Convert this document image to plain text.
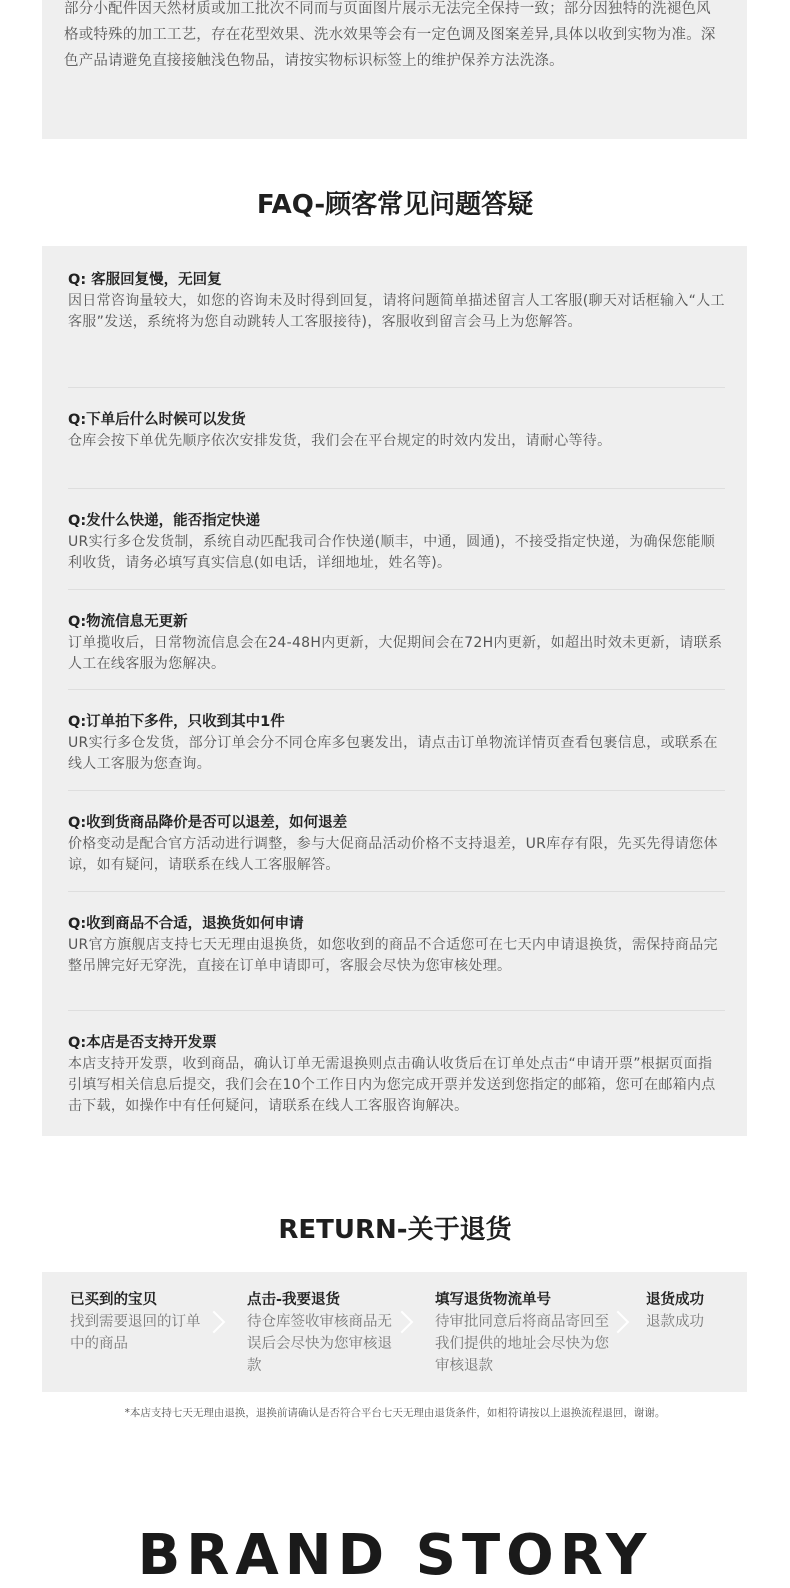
部分小配件因天然材质或加工批次不同而与页面图片展示无法完全保持一致；部分因独特的洗褪色风格或特殊的加工工艺，存在花型效果、洗水效果等会有一定色调及图案差异,具体以收到实物为准。深色产品请避免直接接触浅色物品，请按实物标识标签上的维护保养方法洗涤。

FAQ-顾客常见问题答疑

Q: 客服回复慢，无回复

因日常咨询量较大，如您的咨询未及时得到回复，请将问题简单描述留言人工客服(聊天对话框输入“人工客服”发送，系统将为您自动跳转人工客服接待)，客服收到留言会马上为您解答。

Q:下单后什么时候可以发货

仓库会按下单优先顺序依次安排发货，我们会在平台规定的时效内发出，请耐心等待。

Q:发什么快递，能否指定快递

UR实行多仓发货制，系统自动匹配我司合作快递(顺丰，中通，圆通)，不接受指定快递，为确保您能顺利收货，请务必填写真实信息(如电话，详细地址，姓名等)。

Q:物流信息无更新

订单揽收后，日常物流信息会在24-48H内更新，大促期间会在72H内更新，如超出时效未更新，请联系人工在线客服为您解决。

Q:订单拍下多件，只收到其中1件

UR实行多仓发货，部分订单会分不同仓库多包裹发出，请点击订单物流详情页查看包裹信息，或联系在线人工客服为您查询。

Q:收到货商品降价是否可以退差，如何退差

价格变动是配合官方活动进行调整，参与大促商品活动价格不支持退差，UR库存有限，先买先得请您体谅，如有疑问，请联系在线人工客服解答。

Q:收到商品不合适，退换货如何申请

UR官方旗舰店支持七天无理由退换货，如您收到的商品不合适您可在七天内申请退换货，需保持商品完整吊牌完好无穿洗，直接在订单申请即可，客服会尽快为您审核处理。

Q:本店是否支持开发票

本店支持开发票，收到商品，确认订单无需退换则点击确认收货后在订单处点击“申请开票”根据页面指引填写相关信息后提交，我们会在10个工作日内为您完成开票并发送到您指定的邮箱，您可在邮箱内点击下载，如操作中有任何疑问，请联系在线人工客服咨询解决。

RETURN-关于退货

已买到的宝贝

找到需要退回的订单中的商品

点击-我要退货

待仓库签收审核商品无误后会尽快为您审核退款

填写退货物流单号

待审批同意后将商品寄回至我们提供的地址会尽快为您审核退款

退货成功

退款成功

*本店支持七天无理由退换，退换前请确认是否符合平台七天无理由退货条件，如相符请按以上退换流程退回，谢谢。
BRAND STORY
